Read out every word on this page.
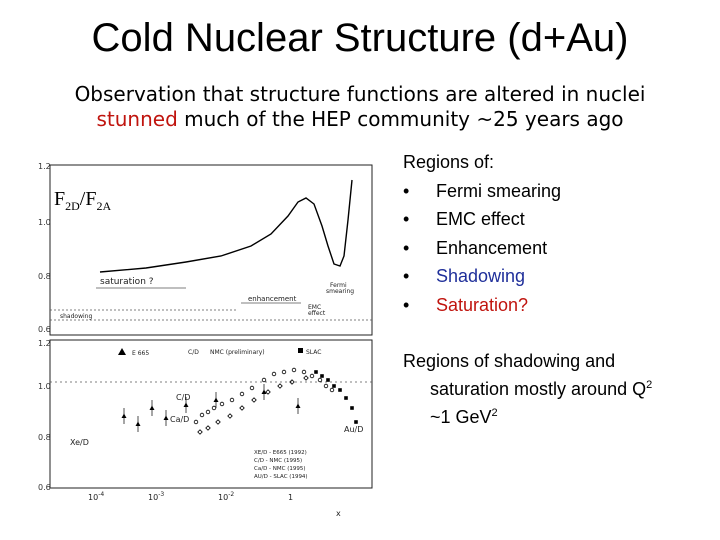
Cold Nuclear Structure (d+Au)
Observation that structure functions are altered in nuclei
stunned much of the HEP community ~25 years ago
1.2
1.0
0.8
0.6
saturation ?
enhancement
EMC
effect
Fermi
smearing
shadowing
1.2
1.0
0.8
0.6
E 665	C/D NMC (preliminary)	SLAC
C/D
Ca/D
Xe/D
Au/D
XE/D - E665 (1992)
C/D - NMC (1995)
Ca/D - NMC (1995)
AU/D - SLAC (1994)
$10^{-4}$	$10^{-3}$	$10^{-2}$	1
x
$F_{2D}/F_{2A}$
Regions of:
• Fermi smearing
• EMC effect
• Enhancement
• Shadowing
• Saturation?
Regions of shadowing and
saturation mostly around $Q^2$
~1 GeV$^2$
